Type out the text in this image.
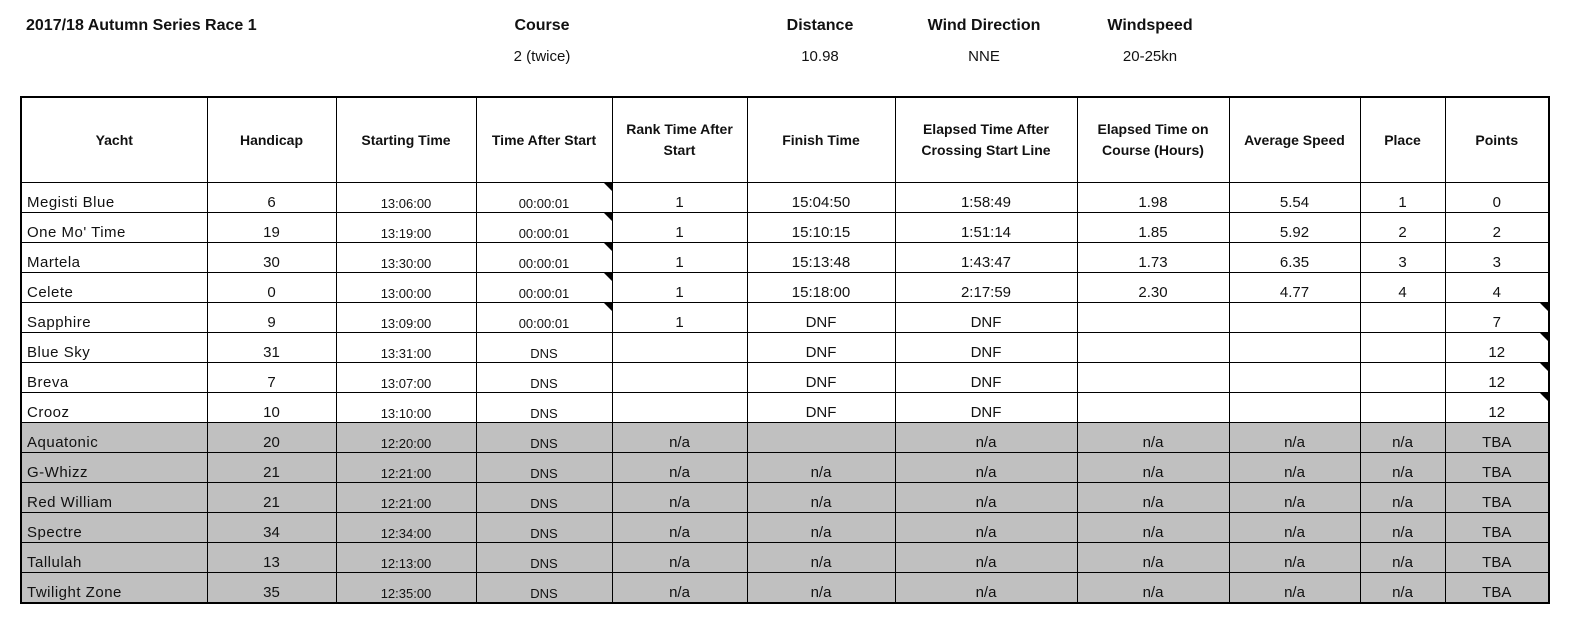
2017/18 Autumn Series Race 1	Course
2 (twice)
Distance
10.98
Wind Direction
NNE
Windspeed
20-25kn
Yacht	Handicap	Starting Time	Time After Start	Rank Time After Start	Finish Time	Elapsed Time After Crossing Start Line	Elapsed Time on Course (Hours)	Average Speed	Place	Points
Megisti Blue	6	13:06:00	00:00:01	1	15:04:50	1:58:49	1.98	5.54	1	0
One Mo' Time	19	13:19:00	00:00:01	1	15:10:15	1:51:14	1.85	5.92	2	2
Martela	30	13:30:00	00:00:01	1	15:13:48	1:43:47	1.73	6.35	3	3
Celete	0	13:00:00	00:00:01	1	15:18:00	2:17:59	2.30	4.77	4	4
Sapphire	9	13:09:00	00:00:01	1	DNF	DNF				7
Blue Sky	31	13:31:00	DNS		DNF	DNF				12
Breva	7	13:07:00	DNS		DNF	DNF				12
Crooz	10	13:10:00	DNS		DNF	DNF				12
Aquatonic	20	12:20:00	DNS	n/a		n/a	n/a	n/a	n/a	TBA
G-Whizz	21	12:21:00	DNS	n/a	n/a	n/a	n/a	n/a	n/a	TBA
Red William	21	12:21:00	DNS	n/a	n/a	n/a	n/a	n/a	n/a	TBA
Spectre	34	12:34:00	DNS	n/a	n/a	n/a	n/a	n/a	n/a	TBA
Tallulah	13	12:13:00	DNS	n/a	n/a	n/a	n/a	n/a	n/a	TBA
Twilight Zone	35	12:35:00	DNS	n/a	n/a	n/a	n/a	n/a	n/a	TBA
